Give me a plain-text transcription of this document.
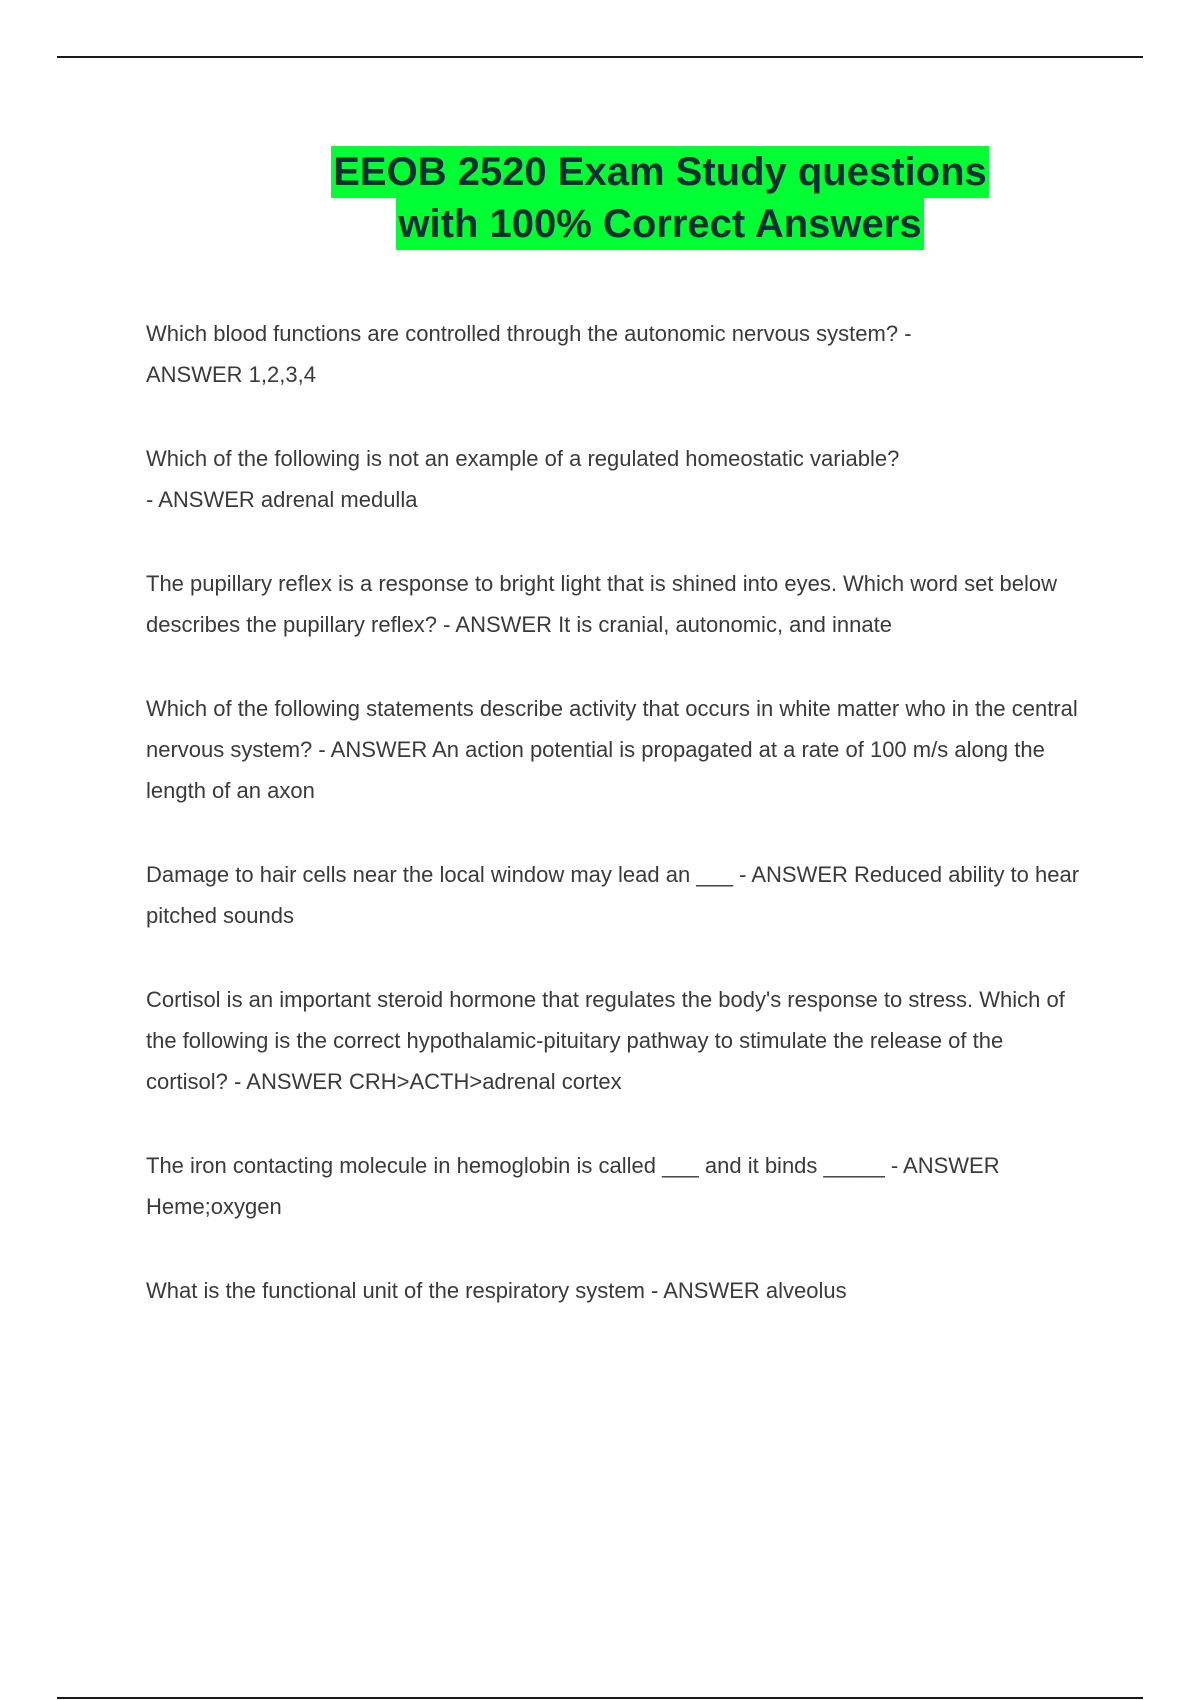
EEOB 2520 Exam Study questions
with 100% Correct Answers
Which blood functions are controlled through the autonomic nervous system? -
ANSWER 1,2,3,4
Which of the following is not an example of a regulated homeostatic variable?
- ANSWER adrenal medulla
The pupillary reflex is a response to bright light that is shined into eyes. Which word set below describes the pupillary reflex? - ANSWER It is cranial, autonomic, and innate
Which of the following statements describe activity that occurs in white matter who in the central nervous system? - ANSWER An action potential is propagated at a rate of 100 m/s along the length of an axon
Damage to hair cells near the local window may lead an ___ - ANSWER Reduced ability to hear pitched sounds
Cortisol is an important steroid hormone that regulates the body's response to stress. Which of the following is the correct hypothalamic-pituitary pathway to stimulate the release of the cortisol? - ANSWER CRH>ACTH>adrenal cortex
The iron contacting molecule in hemoglobin is called ___ and it binds _____ - ANSWER Heme;oxygen
What is the functional unit of the respiratory system - ANSWER alveolus
